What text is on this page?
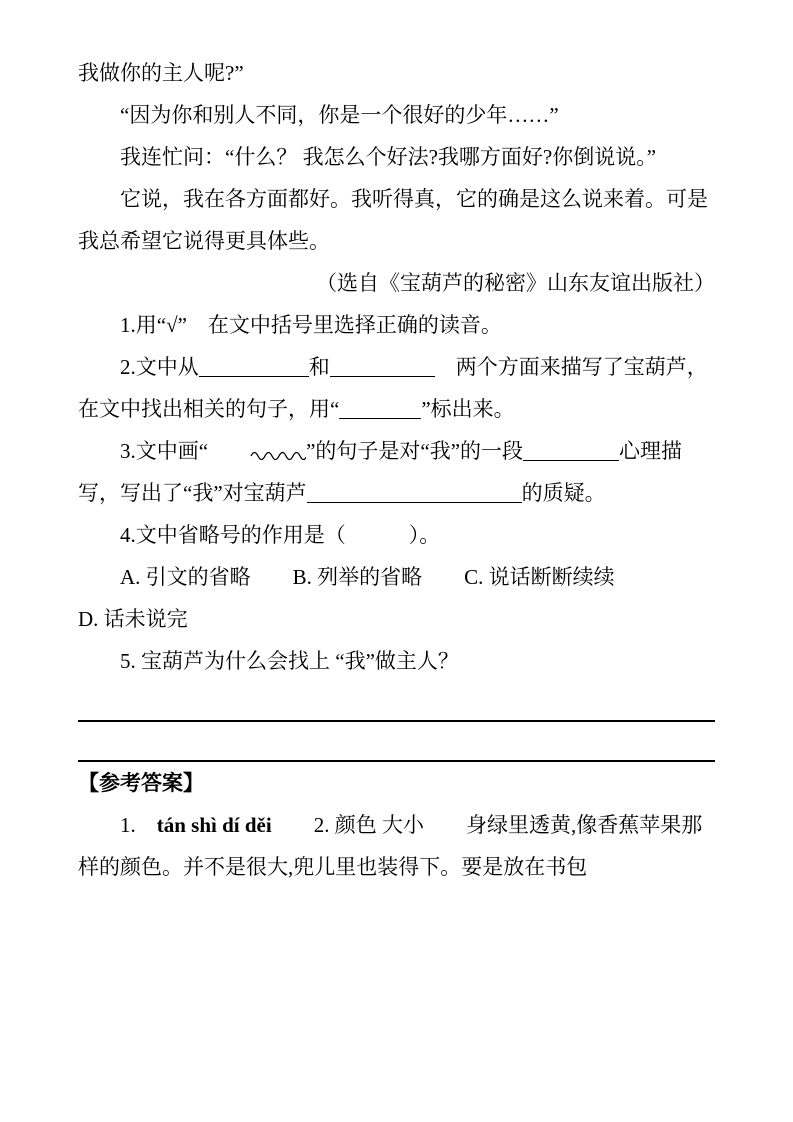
我做你的主人呢?”

“因为你和别人不同，你是一个很好的少年……”

我连忙问：“什么？ 我怎么个好法?我哪方面好?你倒说说。”

它说，我在各方面都好。我听得真，它的确是这么说来着。可是我总希望它说得更具体些。

（选自《宝葫芦的秘密》山东友谊出版社）

1.用“√”　在文中括号里选择正确的读音。

2.文中从	和	　两个方面来描写了宝葫芦，在文中找出相关的句子，用“	”标出来。

3.文中画“	”的句子是对“我”的一段	心理描写，写出了“我”对宝葫芦	的质疑。

4.文中省略号的作用是（　　　）。

A. 引文的省略　　B. 列举的省略　　C. 说话断断续续

D. 话未说完

5. 宝葫芦为什么会找上 “我”做主人？

【参考答案】

1.　tán shì dí děi　　2. 颜色 大小　　身绿里透黄,像香蕉苹果那样的颜色。并不是很大,兜儿里也装得下。要是放在书包
